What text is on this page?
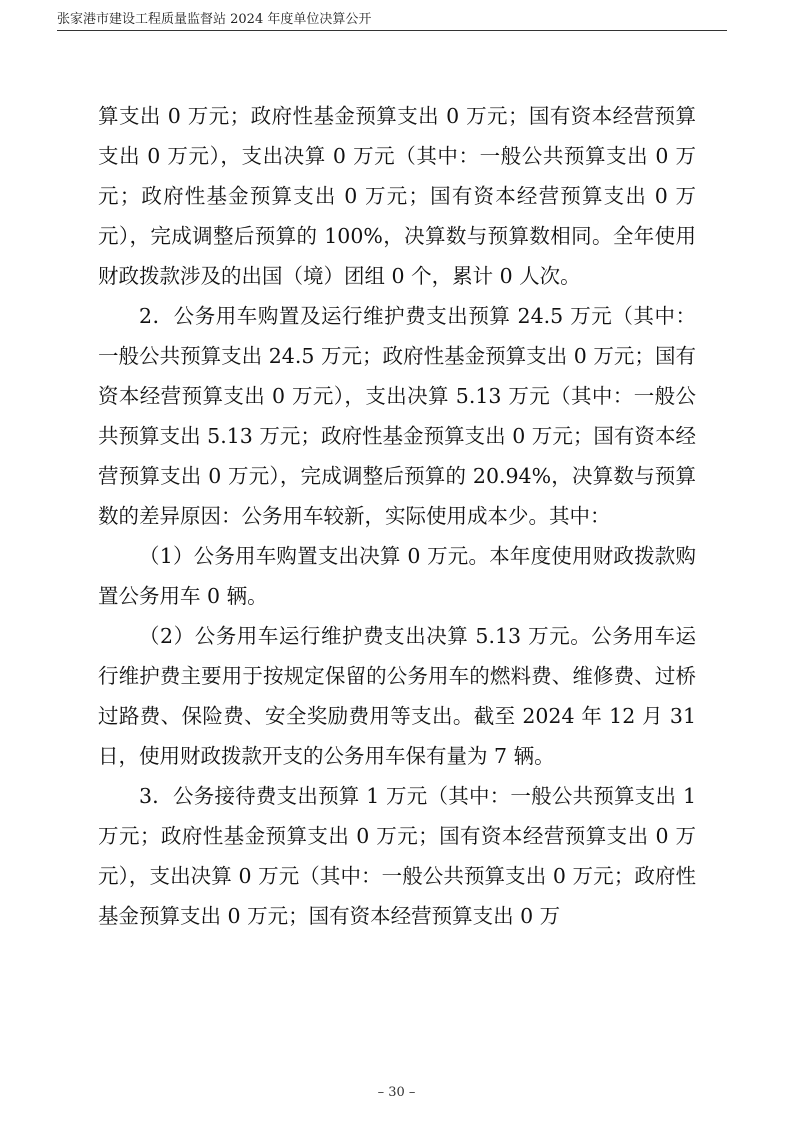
张家港市建设工程质量监督站 2024 年度单位决算公开

算支出 0 万元；政府性基金预算支出 0 万元；国有资本经营预算支出 0 万元），支出决算 0 万元（其中：一般公共预算支出 0 万元；政府性基金预算支出 0 万元；国有资本经营预算支出 0 万元），完成调整后预算的 100%，决算数与预算数相同。全年使用财政拨款涉及的出国（境）团组 0 个，累计 0 人次。

2．公务用车购置及运行维护费支出预算 24.5 万元（其中：一般公共预算支出 24.5 万元；政府性基金预算支出 0 万元；国有资本经营预算支出 0 万元），支出决算 5.13 万元（其中：一般公共预算支出 5.13 万元；政府性基金预算支出 0 万元；国有资本经营预算支出 0 万元），完成调整后预算的 20.94%，决算数与预算数的差异原因：公务用车较新，实际使用成本少。其中：

（1）公务用车购置支出决算 0 万元。本年度使用财政拨款购置公务用车 0 辆。

（2）公务用车运行维护费支出决算 5.13 万元。公务用车运行维护费主要用于按规定保留的公务用车的燃料费、维修费、过桥过路费、保险费、安全奖励费用等支出。截至 2024 年 12 月 31 日，使用财政拨款开支的公务用车保有量为 7 辆。

3．公务接待费支出预算 1 万元（其中：一般公共预算支出 1 万元；政府性基金预算支出 0 万元；国有资本经营预算支出 0 万元），支出决算 0 万元（其中：一般公共预算支出 0 万元；政府性基金预算支出 0 万元；国有资本经营预算支出 0 万

– 30 –
